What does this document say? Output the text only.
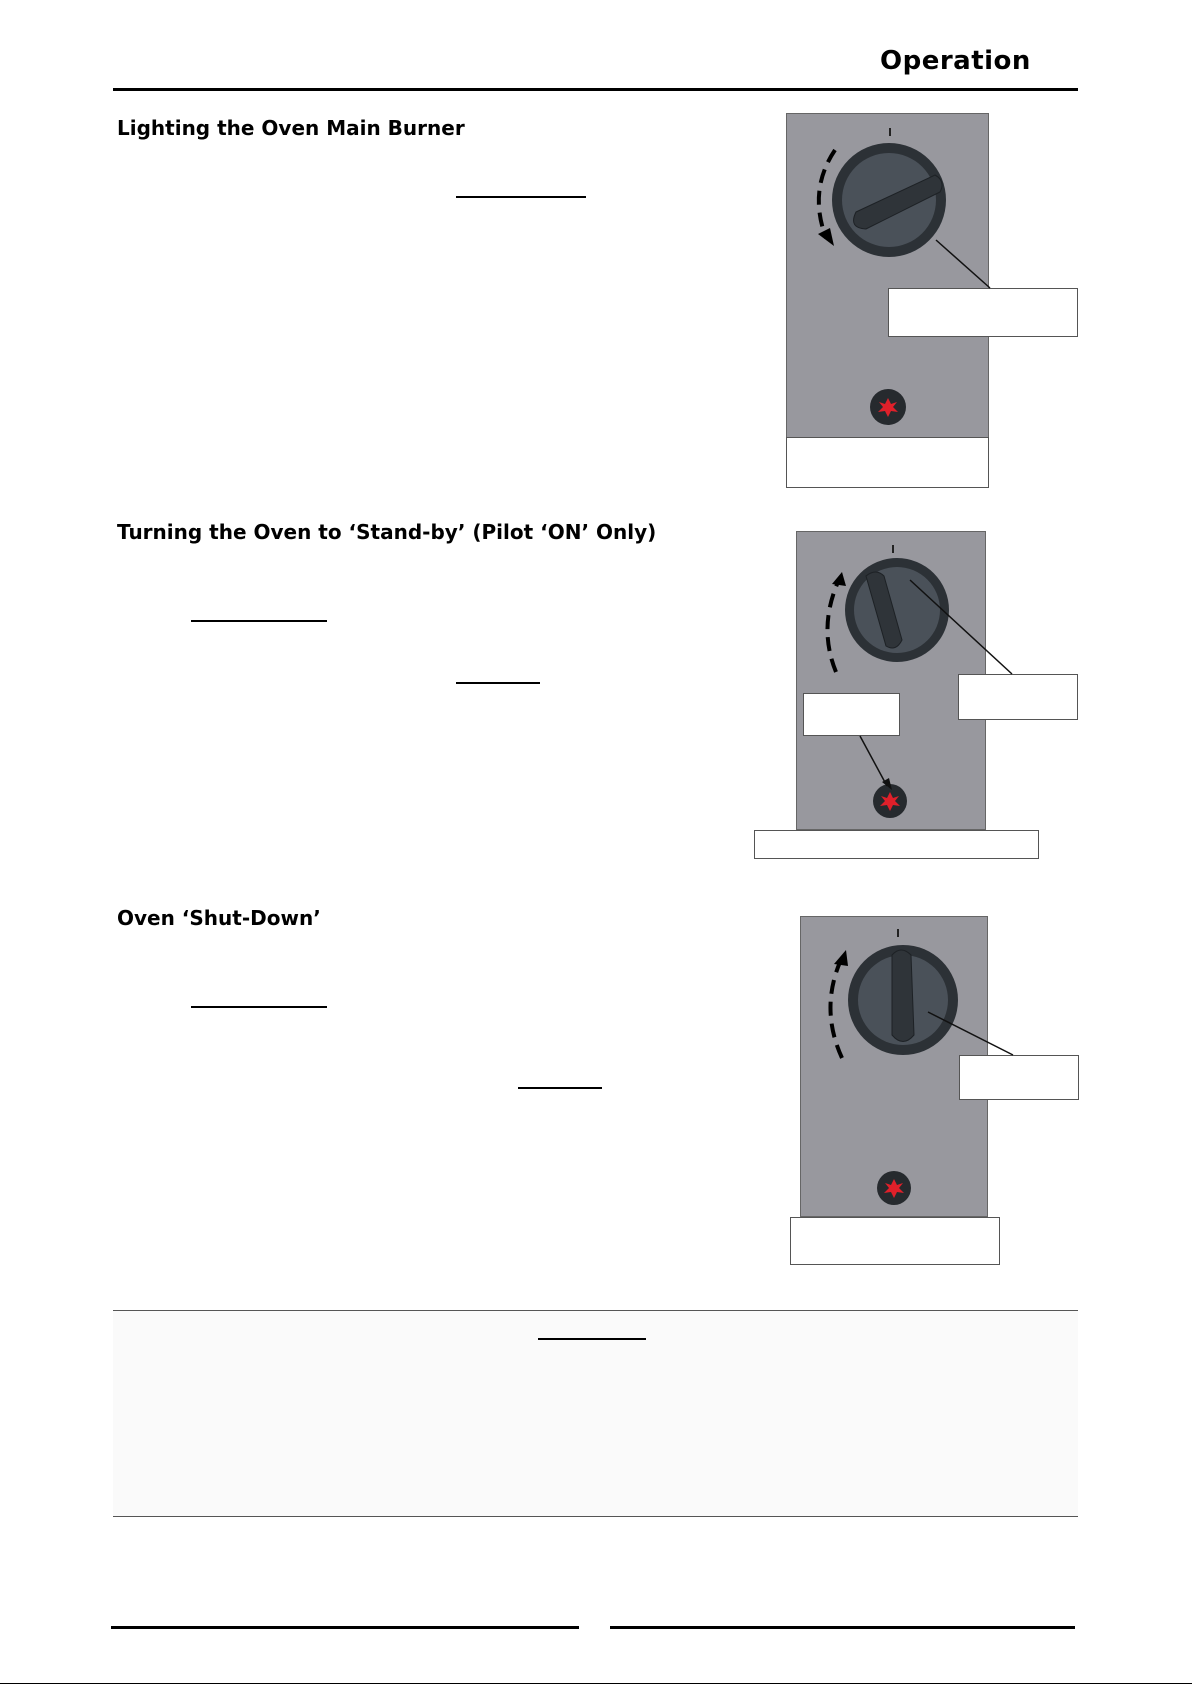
Operation
Lighting the Oven Main Burner
Turning the Oven to ‘Stand-by’ (Pilot ‘ON’ Only)
Oven ‘Shut-Down’
